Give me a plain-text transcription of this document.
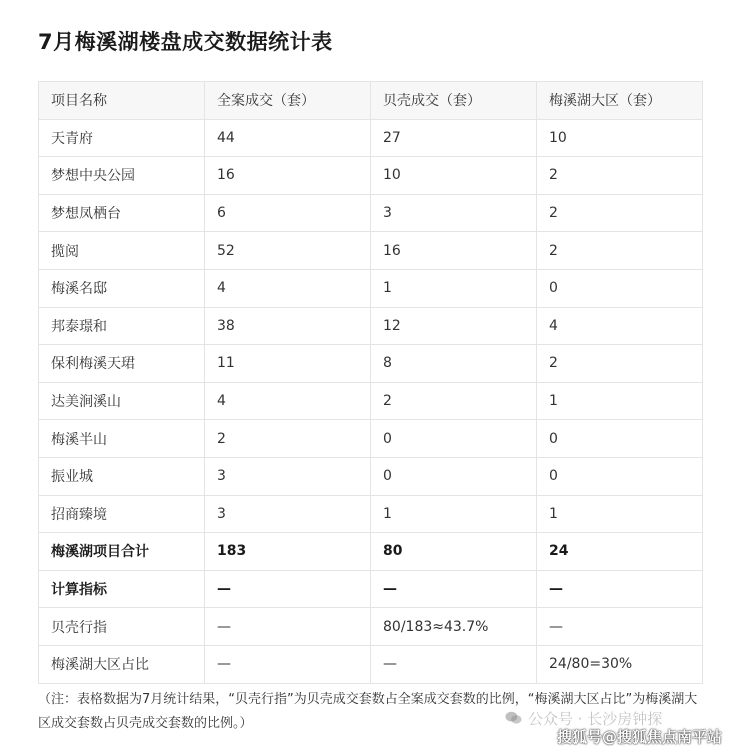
7月梅溪湖楼盘成交数据统计表
项目名称	全案成交（套）	贝壳成交（套）	梅溪湖大区（套）
天青府	44	27	10
梦想中央公园	16	10	2
梦想凤栖台	6	3	2
揽阅	52	16	2
梅溪名邸	4	1	0
邦泰璟和	38	12	4
保利梅溪天珺	11	8	2
达美涧溪山	4	2	1
梅溪半山	2	0	0
振业城	3	0	0
招商臻境	3	1	1
梅溪湖项目合计	183	80	24
计算指标	—	—	—
贝壳行指	—	80/183≈43.7%	—
梅溪湖大区占比	—	—	24/80=30%
（注：表格数据为7月统计结果，“贝壳行指”为贝壳成交套数占全案成交套数的比例，“梅溪湖大区占比”为梅溪湖大区成交套数占贝壳成交套数的比例。）	公众号 · 长沙房钟探
搜狐号@搜狐焦点南平站
